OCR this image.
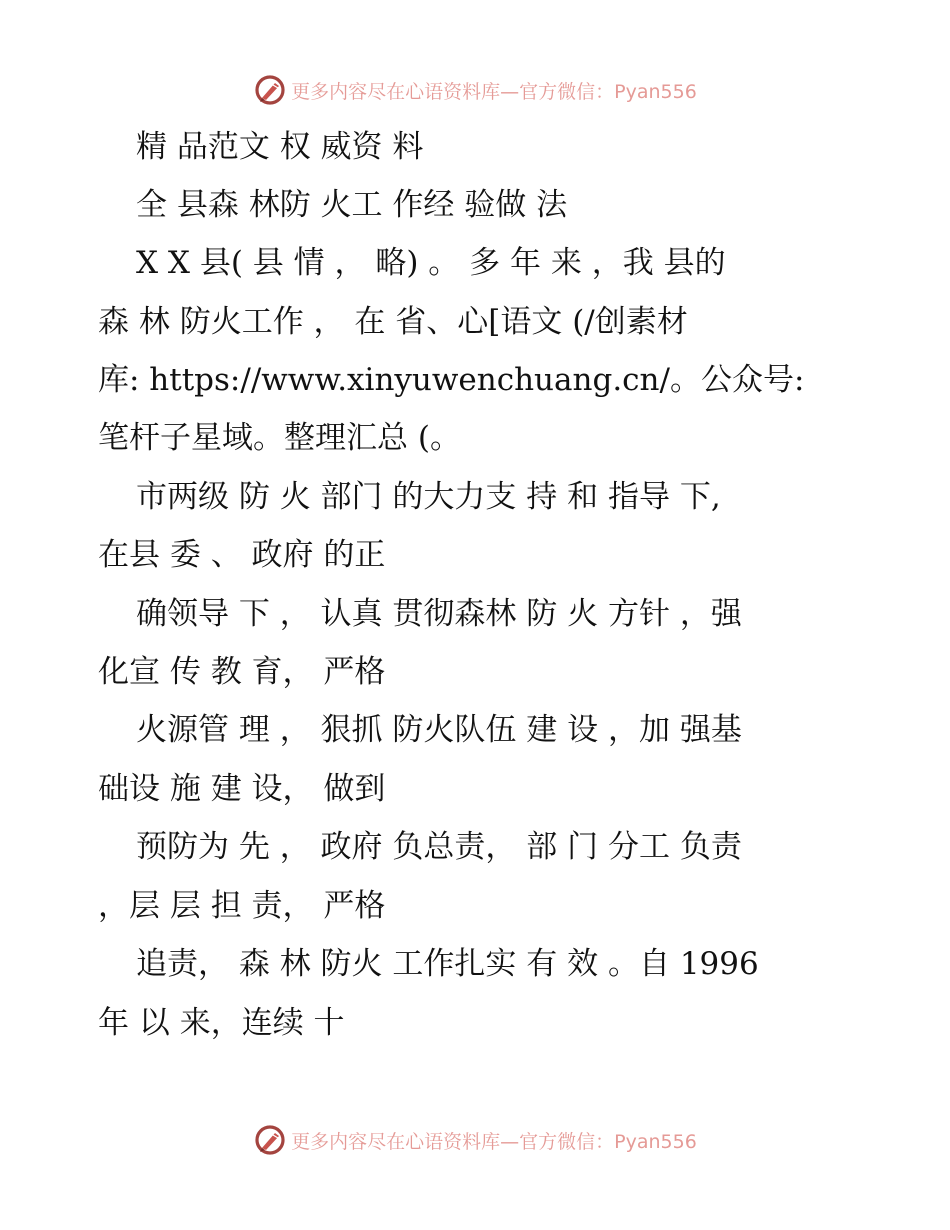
更多内容尽在心语资料库—官方微信：Pyan556
精 品范文 权 威资 料
全 县森 林防 火工 作经 验做 法
X X 县( 县 情 ， 略) 。 多 年 来 ，我 县的
森 林 防火工作 ， 在 省、心[语文 (/创素材
库: https://www.xinyuwenchuang.cn/。公众号:
笔杆子星域。整理汇总 (。
市两级 防 火 部门 的大力支 持 和 指导 下,
在县 委 、 政府 的正
确领导 下 ， 认真 贯彻森林 防 火 方针 ，强
化宣 传 教 育， 严格
火源管 理 ， 狠抓 防火队伍 建 设 ，加 强基
础设 施 建 设， 做到
预防为 先 ， 政府 负总责， 部 门 分工 负责
，层 层 担 责， 严格
追责， 森 林 防火 工作扎实 有 效 。自 1996
年 以 来，连续 十
更多内容尽在心语资料库—官方微信：Pyan556
